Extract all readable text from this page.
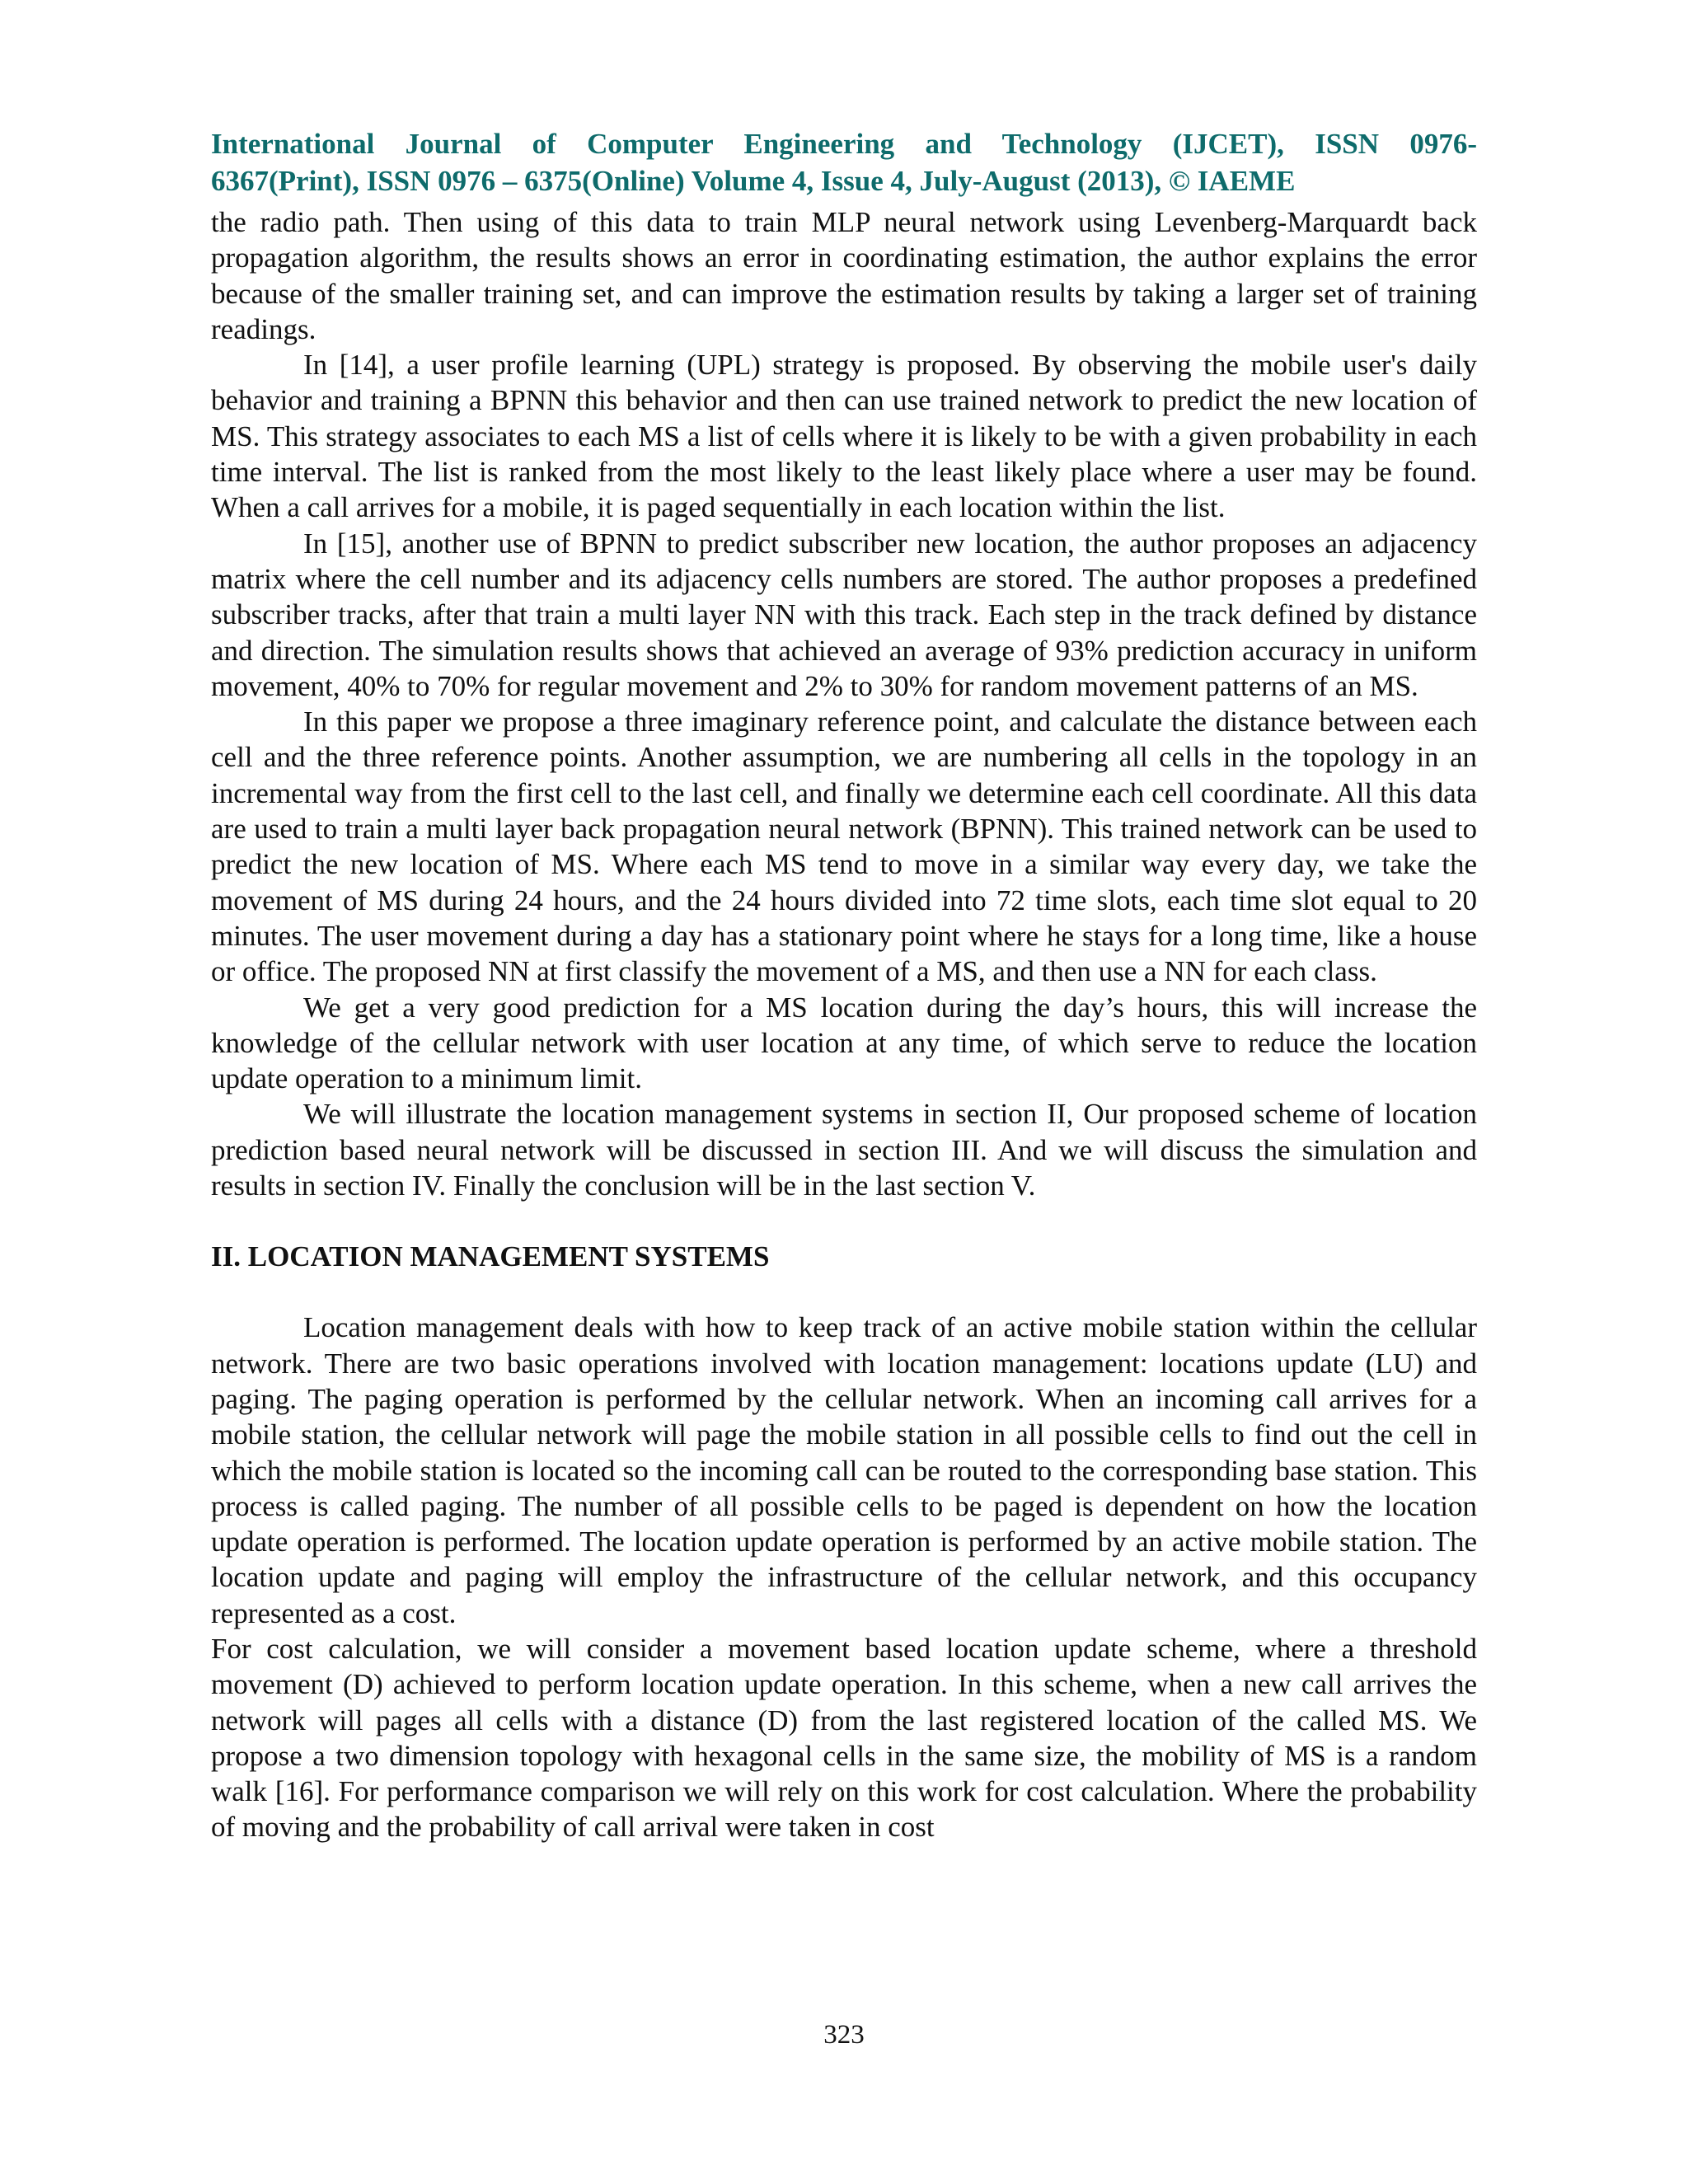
International Journal of Computer Engineering and Technology (IJCET), ISSN 0976-
6367(Print), ISSN 0976 – 6375(Online) Volume 4, Issue 4, July-August (2013), © IAEME

the radio path. Then using of this data to train MLP neural network using Levenberg-Marquardt back propagation algorithm, the results shows an error in coordinating estimation, the author explains the error because of the smaller training set, and can improve the estimation results by taking a larger set of training readings.

In [14], a user profile learning (UPL) strategy is proposed. By observing the mobile user's daily behavior and training a BPNN this behavior and then can use trained network to predict the new location of MS. This strategy associates to each MS a list of cells where it is likely to be with a given probability in each time interval. The list is ranked from the most likely to the least likely place where a user may be found. When a call arrives for a mobile, it is paged sequentially in each location within the list.

In [15], another use of BPNN to predict subscriber new location, the author proposes an adjacency matrix where the cell number and its adjacency cells numbers are stored. The author proposes a predefined subscriber tracks, after that train a multi layer NN with this track. Each step in the track defined by distance and direction. The simulation results shows that achieved an average of 93% prediction accuracy in uniform movement, 40% to 70% for regular movement and 2% to 30% for random movement patterns of an MS.

In this paper we propose a three imaginary reference point, and calculate the distance between each cell and the three reference points. Another assumption, we are numbering all cells in the topology in an incremental way from the first cell to the last cell, and finally we determine each cell coordinate. All this data are used to train a multi layer back propagation neural network (BPNN). This trained network can be used to predict the new location of MS. Where each MS tend to move in a similar way every day, we take the movement of MS during 24 hours, and the 24 hours divided into 72 time slots, each time slot equal to 20 minutes. The user movement during a day has a stationary point where he stays for a long time, like a house or office. The proposed NN at first classify the movement of a MS, and then use a NN for each class.

We get a very good prediction for a MS location during the day’s hours, this will increase the knowledge of the cellular network with user location at any time, of which serve to reduce the location update operation to a minimum limit.

We will illustrate the location management systems in section II, Our proposed scheme of location prediction based neural network will be discussed in section III. And we will discuss the simulation and results in section IV. Finally the conclusion will be in the last section V.

II. LOCATION MANAGEMENT SYSTEMS

Location management deals with how to keep track of an active mobile station within the cellular network. There are two basic operations involved with location management: locations update (LU) and paging. The paging operation is performed by the cellular network. When an incoming call arrives for a mobile station, the cellular network will page the mobile station in all possible cells to find out the cell in which the mobile station is located so the incoming call can be routed to the corresponding base station. This process is called paging. The number of all possible cells to be paged is dependent on how the location update operation is performed. The location update operation is performed by an active mobile station. The location update and paging will employ the infrastructure of the cellular network, and this occupancy represented as a cost.

For cost calculation, we will consider a movement based location update scheme, where a threshold movement (D) achieved to perform location update operation. In this scheme, when a new call arrives the network will pages all cells with a distance (D) from the last registered location of the called MS. We propose a two dimension topology with hexagonal cells in the same size, the mobility of MS is a random walk [16]. For performance comparison we will rely on this work for cost calculation. Where the probability of moving and the probability of call arrival were taken in cost

323
